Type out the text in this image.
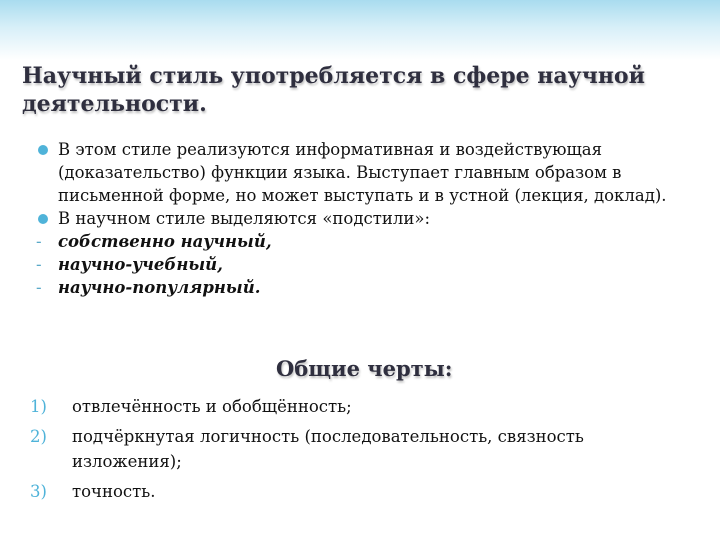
Научный стиль употребляется в сфере научной деятельности.

В этом стиле реализуются информативная и воздействующая (доказательство) функции языка. Выступает главным образом в письменной форме, но может выступать и в устной (лекция, доклад).

В научном стиле выделяются «подстили»:

- собственно научный,

- научно-учебный,

- научно-популярный.

Общие черты:

1) отвлечённость и обобщённость;

2) подчёркнутая логичность (последовательность, связность изложения);

3) точность.
